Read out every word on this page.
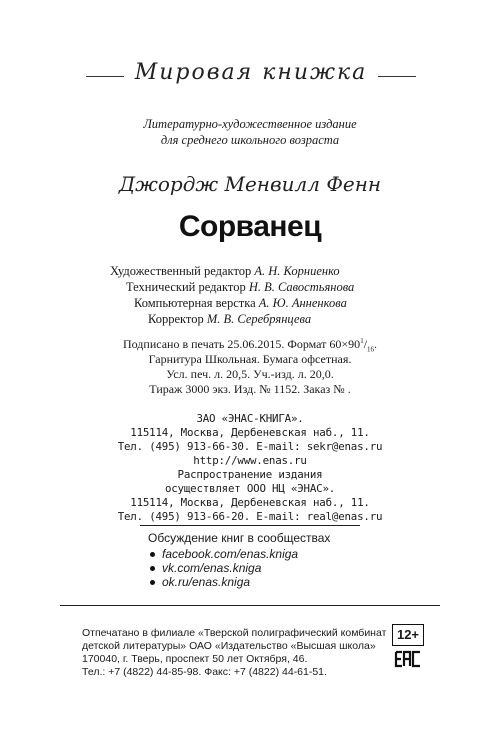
Мировая книжка
Литературно-художественное издание
для среднего школьного возраста
Джордж Менвилл Фенн
Сорванец
Художественный редактор А. Н. Корниенко
Технический редактор Н. В. Савостьянова
Компьютерная верстка А. Ю. Анненкова
Корректор М. В. Серебрянцева
Подписано в печать 25.06.2015. Формат $60\times 90^1/_{16}$.
Гарнитура Школьная. Бумага офсетная.
Усл. печ. л. 20,5. Уч.-изд. л. 20,0.
Тираж 3000 экз. Изд. № 1152. Заказ № .
ЗАО «ЭНАС-КНИГА».
115114, Москва, Дербеневская наб., 11.
Тел. (495) 913-66-30. E-mail: sekr@enas.ru
http://www.enas.ru
Распространение издания
осуществляет ООО НЦ «ЭНАС».
115114, Москва, Дербеневская наб., 11.
Тел. (495) 913-66-20. E-mail: real@enas.ru
Обсуждение книг в сообществах
facebook.com/enas.kniga
vk.com/enas.kniga
ok.ru/enas.kniga
Отпечатано в филиале «Тверской полиграфический комбинат
детской литературы» ОАО «Издательство «Высшая школа»
170040, г. Тверь, проспект 50 лет Октября, 46.
Тел.: +7 (4822) 44-85-98. Факс: +7 (4822) 44-61-51.
12+
